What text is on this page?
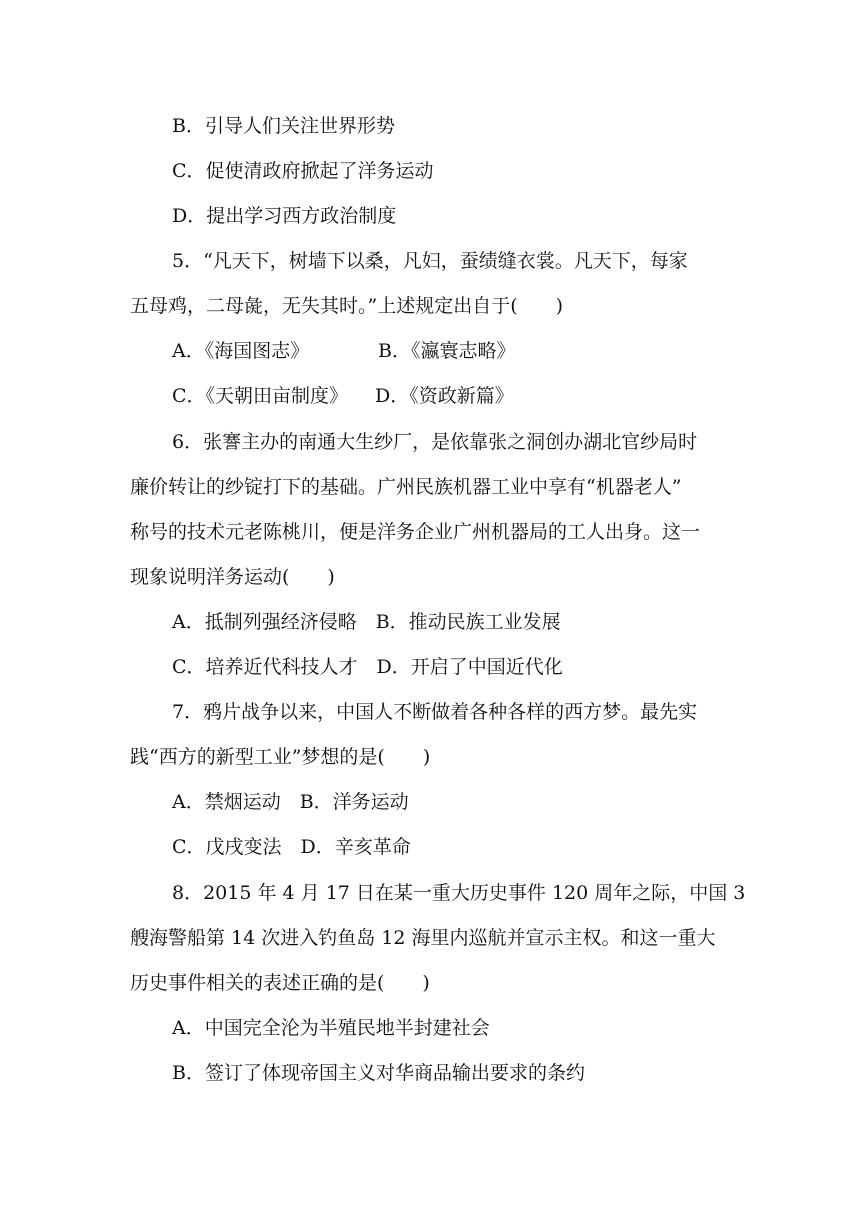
B．引导人们关注世界形势
C．促使清政府掀起了洋务运动
D．提出学习西方政治制度
5．“凡天下，树墙下以桑，凡妇，蚕绩缝衣裳。凡天下，每家
五母鸡，二母彘，无失其时。”上述规定出自于(　　)
A．《海国图志》	B．《瀛寰志略》
C．《天朝田亩制度》 D．《资政新篇》
6．张謇主办的南通大生纱厂，是依靠张之洞创办湖北官纱局时
廉价转让的纱锭打下的基础。广州民族机器工业中享有“机器老人”
称号的技术元老陈桃川，便是洋务企业广州机器局的工人出身。这一
现象说明洋务运动(　　)
A．抵制列强经济侵略　B．推动民族工业发展
C．培养近代科技人才　D．开启了中国近代化
7．鸦片战争以来，中国人不断做着各种各样的西方梦。最先实
践“西方的新型工业”梦想的是(　　)
A．禁烟运动　B．洋务运动
C．戊戌变法　D．辛亥革命
8．2015 年 4 月 17 日在某一重大历史事件 120 周年之际，中国 3
艘海警船第 14 次进入钓鱼岛 12 海里内巡航并宣示主权。和这一重大
历史事件相关的表述正确的是(　　)
A．中国完全沦为半殖民地半封建社会
B．签订了体现帝国主义对华商品输出要求的条约
